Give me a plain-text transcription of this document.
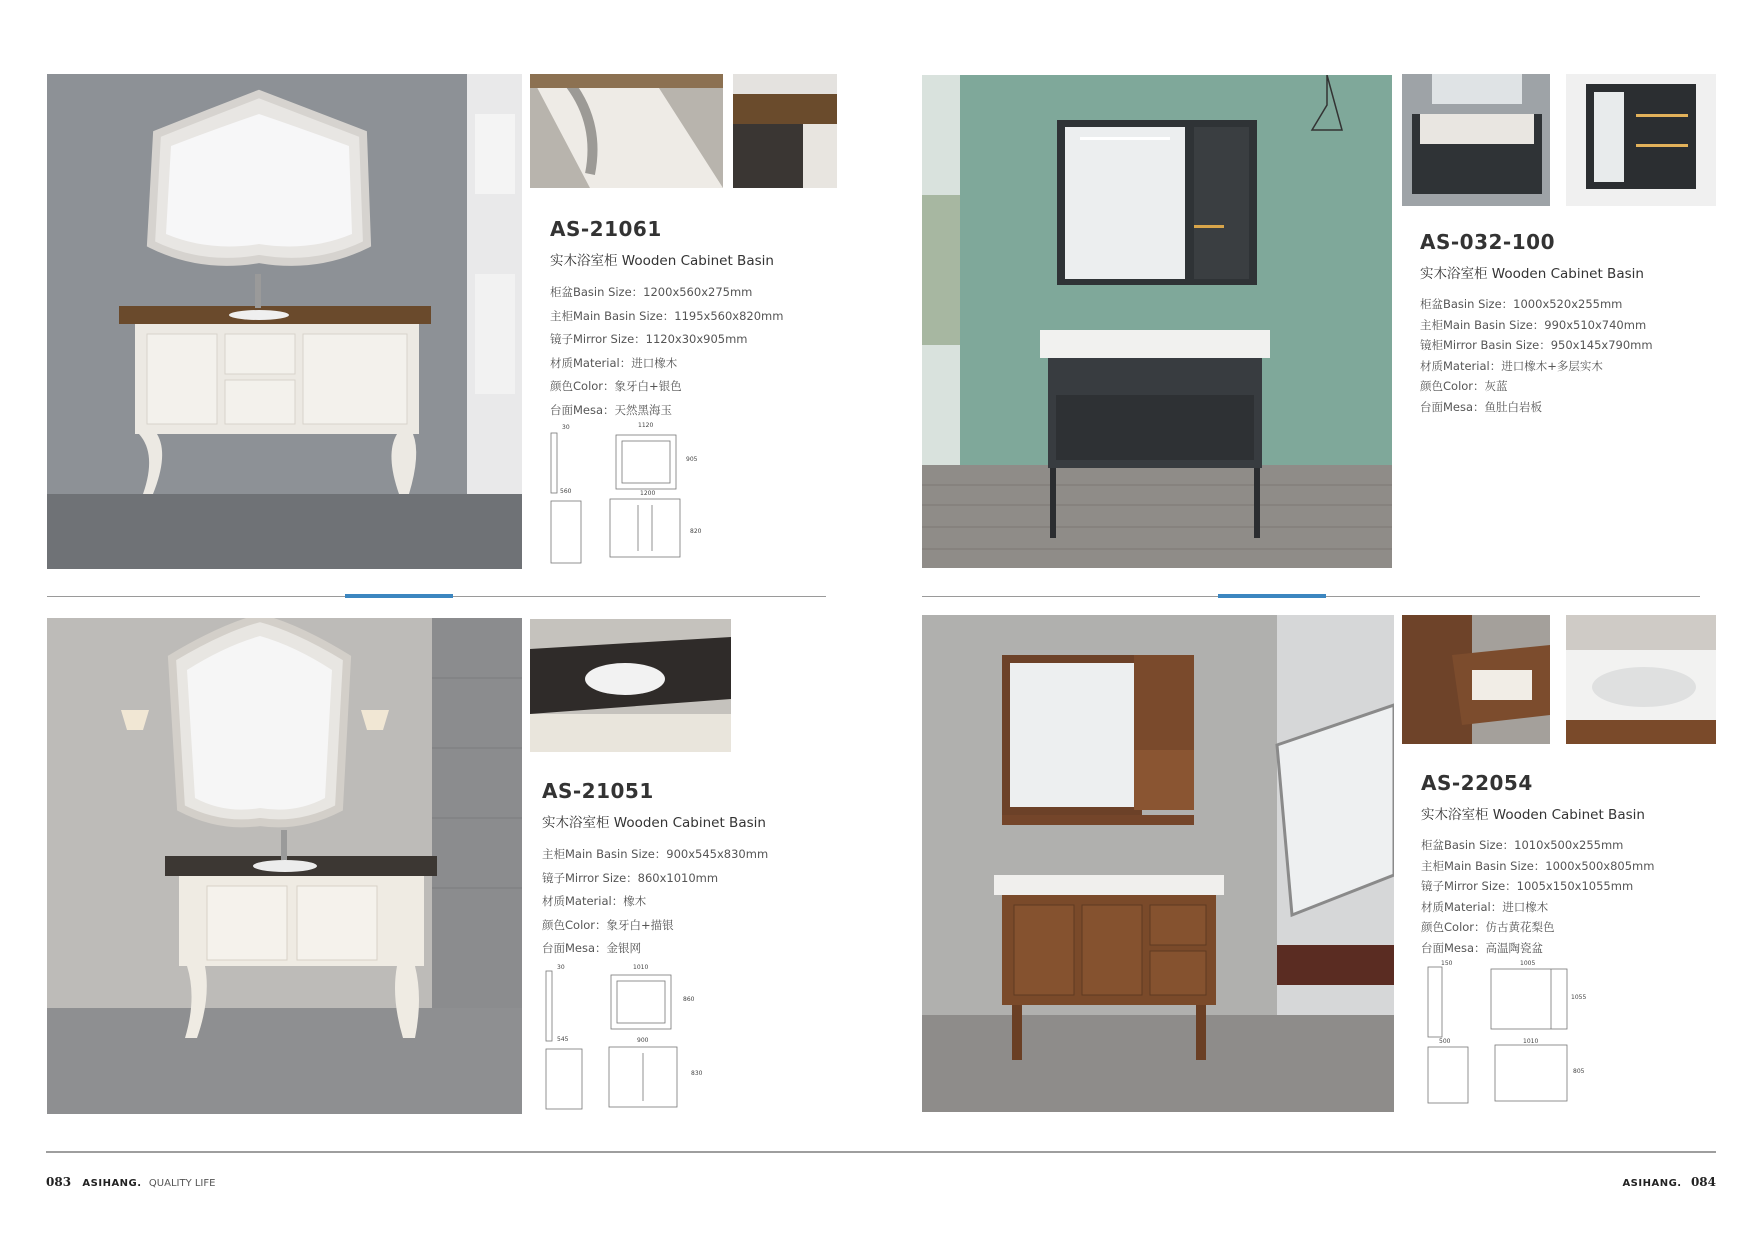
AS-21061
实木浴室柜 Wooden Cabinet Basin
柜盆Basin Size：1200x560x275mm
主柜Main Basin Size：1195x560x820mm
镜子Mirror Size：1120x30x905mm
材质Material：进口橡木
颜色Color：象牙白+银色
台面Mesa：天然黑海玉
30	1120
905
560	1200
820
AS-032-100
实木浴室柜 Wooden Cabinet Basin
柜盆Basin Size：1000x520x255mm
主柜Main Basin Size：990x510x740mm
镜柜Mirror Basin Size：950x145x790mm
材质Material：进口橡木+多层实木
颜色Color：灰蓝
台面Mesa：鱼肚白岩板
AS-21051
实木浴室柜 Wooden Cabinet Basin
主柜Main Basin Size：900x545x830mm
镜子Mirror Size：860x1010mm
材质Material：橡木
颜色Color：象牙白+描银
台面Mesa：金银网
30	1010
860
545	900
830
AS-22054
实木浴室柜 Wooden Cabinet Basin
柜盆Basin Size：1010x500x255mm
主柜Main Basin Size：1000x500x805mm
镜子Mirror Size：1005x150x1055mm
材质Material：进口橡木
颜色Color：仿古黄花梨色
台面Mesa：高温陶瓷盆
150	1005
1055
500	1010
805
083 ASIHANG. QUALITY LIFE	ASIHANG. 084
